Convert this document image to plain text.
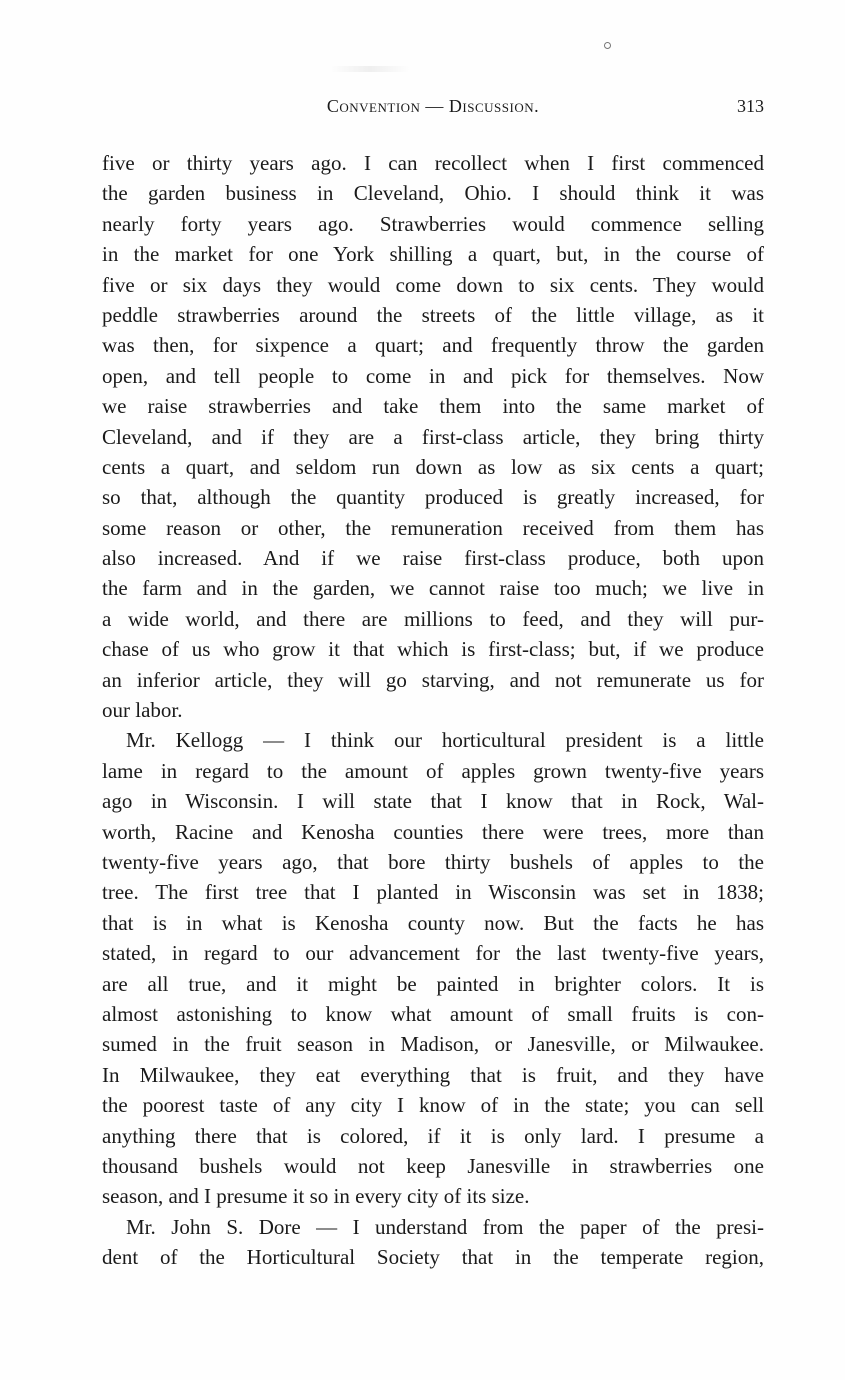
Convention — Discussion.	313
five or thirty years ago. I can recollect when I first commenced
the garden business in Cleveland, Ohio. I should think it was
nearly forty years ago. Strawberries would commence selling
in the market for one York shilling a quart, but, in the course of
five or six days they would come down to six cents. They would
peddle strawberries around the streets of the little village, as it
was then, for sixpence a quart; and frequently throw the garden
open, and tell people to come in and pick for themselves. Now
we raise strawberries and take them into the same market of
Cleveland, and if they are a first-class article, they bring thirty
cents a quart, and seldom run down as low as six cents a quart;
so that, although the quantity produced is greatly increased, for
some reason or other, the remuneration received from them has
also increased. And if we raise first-class produce, both upon
the farm and in the garden, we cannot raise too much; we live in
a wide world, and there are millions to feed, and they will pur-
chase of us who grow it that which is first-class; but, if we produce
an inferior article, they will go starving, and not remunerate us for
our labor.
Mr. Kellogg — I think our horticultural president is a little
lame in regard to the amount of apples grown twenty-five years
ago in Wisconsin. I will state that I know that in Rock, Wal-
worth, Racine and Kenosha counties there were trees, more than
twenty-five years ago, that bore thirty bushels of apples to the
tree. The first tree that I planted in Wisconsin was set in 1838;
that is in what is Kenosha county now. But the facts he has
stated, in regard to our advancement for the last twenty-five years,
are all true, and it might be painted in brighter colors. It is
almost astonishing to know what amount of small fruits is con-
sumed in the fruit season in Madison, or Janesville, or Milwaukee.
In Milwaukee, they eat everything that is fruit, and they have
the poorest taste of any city I know of in the state; you can sell
anything there that is colored, if it is only lard. I presume a
thousand bushels would not keep Janesville in strawberries one
season, and I presume it so in every city of its size.
Mr. John S. Dore — I understand from the paper of the presi-
dent of the Horticultural Society that in the temperate region,
